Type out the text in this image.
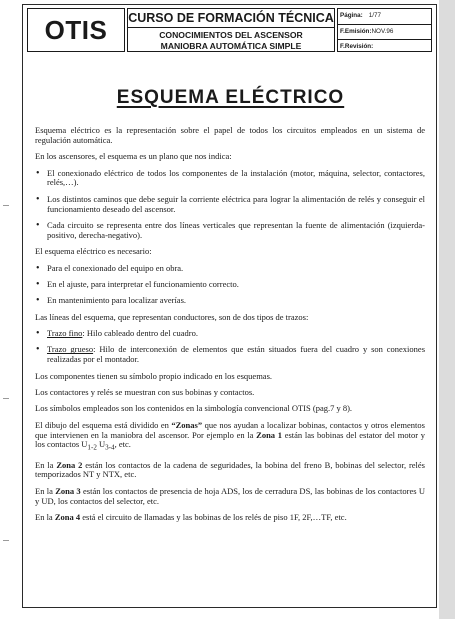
OTIS	CURSO DE FORMACIÓN TÉCNICA
CONOCIMIENTOS DEL ASCENSOR
MANIOBRA AUTOMÁTICA SIMPLE
Página: 1/77
F.Emisión:NOV.96
F.Revisión:
ESQUEMA ELÉCTRICO

Esquema eléctrico es la representación sobre el papel de todos los circuitos empleados en un sistema de regulación automática.

En los ascensores, el esquema es un plano que nos indica:

• El conexionado eléctrico de todos los componentes de la instalación (motor, máquina, selector, contactores, relés,…).
• Los distintos caminos que debe seguir la corriente eléctrica para lograr la alimentación de relés y conseguir el funcionamiento deseado del ascensor.
• Cada circuito se representa entre dos líneas verticales que representan la fuente de alimentación (izquierda-positivo, derecha-negativo).

El esquema eléctrico es necesario:

• Para el conexionado del equipo en obra.
• En el ajuste, para interpretar el funcionamiento correcto.
• En mantenimiento para localizar averías.

Las líneas del esquema, que representan conductores, son de dos tipos de trazos:

• Trazo fino: Hilo cableado dentro del cuadro.
• Trazo grueso: Hilo de interconexión de elementos que están situados fuera del cuadro y son conexiones realizadas por el montador.

Los componentes tienen su símbolo propio indicado en los esquemas.

Los contactores y relés se muestran con sus bobinas y contactos.

Los símbolos empleados son los contenidos en la simbología convencional OTIS (pag.7 y 8).

El dibujo del esquema está dividido en “Zonas” que nos ayudan a localizar bobinas, contactos y otros elementos que intervienen en la maniobra del ascensor. Por ejemplo en la Zona 1 están las bobinas del estator del motor y los contactos $U_{1-2}$ $U_{3-4}$, etc.

En la Zona 2 están los contactos de la cadena de seguridades, la bobina del freno B, bobinas del selector, relés temporizados NT y NTX, etc.

En la Zona 3 están los contactos de presencia de hoja ADS, los de cerradura DS, las bobinas de los contactores U y UD, los contactos del selector, etc.

En la Zona 4 está el circuito de llamadas y las bobinas de los relés de piso 1F, 2F,…TF, etc.
